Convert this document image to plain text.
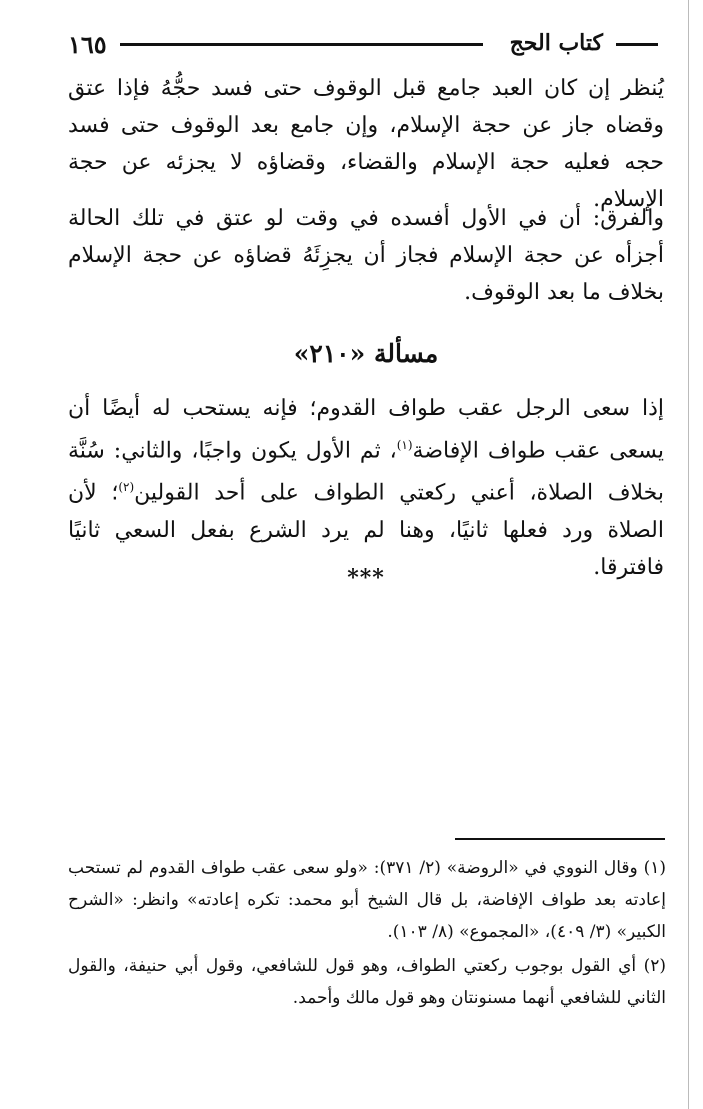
١٦٥	كتاب الحج

يُنظر إن كان العبد جامع قبل الوقوف حتى فسد حجُّهُ فإذا عتق وقضاه جاز عن حجة الإسلام، وإن جامع بعد الوقوف حتى فسد حجه فعليه حجة الإسلام والقضاء، وقضاؤه لا يجزئه عن حجة الإسلام.

والفرق: أن في الأول أفسده في وقت لو عتق في تلك الحالة أجزأه عن حجة الإسلام فجاز أن يجزِئَهُ قضاؤه عن حجة الإسلام بخلاف ما بعد الوقوف.

مسألة «٢١٠»

إذا سعى الرجل عقب طواف القدوم؛ فإنه يستحب له أيضًا أن يسعى عقب طواف الإفاضة$^{(١)}$، ثم الأول يكون واجبًا، والثاني: سُنَّة بخلاف الصلاة، أعني ركعتي الطواف على أحد القولين$^{(٢)}$؛ لأن الصلاة ورد فعلها ثانيًا، وهنا لم يرد الشرع بفعل السعي ثانيًا فافترقا.

***

(١) وقال النووي في «الروضة» (٢/ ٣٧١): «ولو سعى عقب طواف القدوم لم تستحب إعادته بعد طواف الإفاضة، بل قال الشيخ أبو محمد: تكره إعادته» وانظر: «الشرح الكبير» (٣/ ٤٠٩)، «المجموع» (٨/ ١٠٣).

(٢) أي القول بوجوب ركعتي الطواف، وهو قول للشافعي، وقول أبي حنيفة، والقول الثاني للشافعي أنهما مسنونتان وهو قول مالك وأحمد.
